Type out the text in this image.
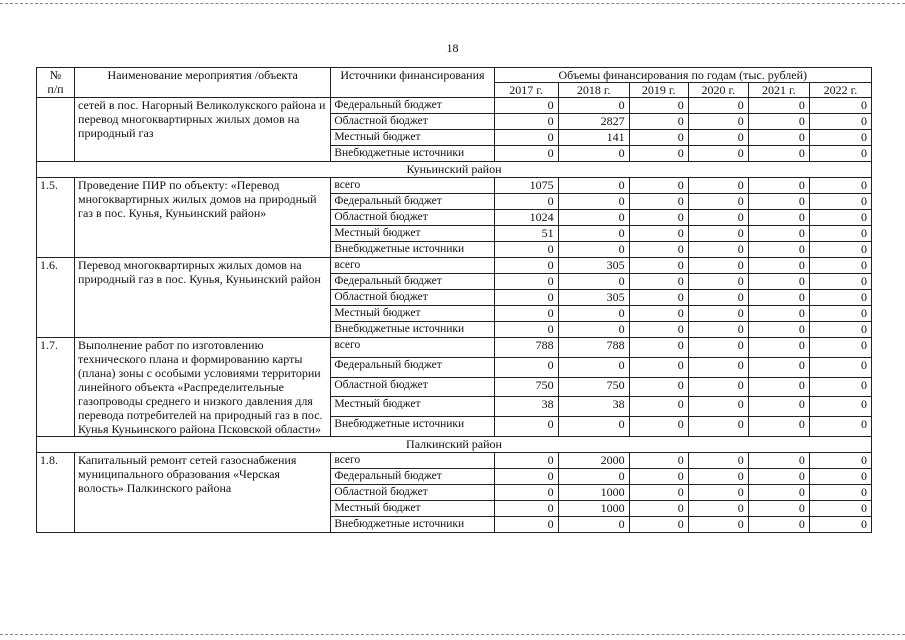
18
№
п/п	Наименование мероприятия /объекта	Источники финансирования	Объемы финансирования по годам (тыс. рублей)					
			2017 г.	2018 г.	2019 г.	2020 г.	2021 г.	2022 г.
	сетей в пос. Нагорный Великолукского района и перевод многоквартирных жилых домов на природный газ	Федеральный бюджет	0	0	0	0	0	0
		Областной бюджет	0	2827	0	0	0	0
		Местный бюджет	0	141	0	0	0	0
		Внебюджетные источники	0	0	0	0	0	0
Куньинский район								
1.5.	Проведение ПИР по объекту: «Перевод многоквартирных жилых домов на природный газ в пос. Кунья, Куньинский район»	всего	1075	0	0	0	0	0
		Федеральный бюджет	0	0	0	0	0	0
		Областной бюджет	1024	0	0	0	0	0
		Местный бюджет	51	0	0	0	0	0
		Внебюджетные источники	0	0	0	0	0	0
1.6.	Перевод многоквартирных жилых домов на природный газ в пос. Кунья, Куньинский район	всего	0	305	0	0	0	0
		Федеральный бюджет	0	0	0	0	0	0
		Областной бюджет	0	305	0	0	0	0
		Местный бюджет	0	0	0	0	0	0
		Внебюджетные источники	0	0	0	0	0	0
1.7.	Выполнение работ по изготовлению технического плана и формированию карты (плана) зоны с особыми условиями территории линейного объекта «Распределительные газопроводы среднего и низкого давления для перевода потребителей на природный газ в пос. Кунья Куньинского района Псковской области»	всего	788	788	0	0	0	0
		Федеральный бюджет	0	0	0	0	0	0
		Областной бюджет	750	750	0	0	0	0
		Местный бюджет	38	38	0	0	0	0
		Внебюджетные источники	0	0	0	0	0	0
Палкинский район								
1.8.	Капитальный ремонт сетей газоснабжения муниципального образования «Черская волость» Палкинского района	всего	0	2000	0	0	0	0
		Федеральный бюджет	0	0	0	0	0	0
		Областной бюджет	0	1000	0	0	0	0
		Местный бюджет	0	1000	0	0	0	0
		Внебюджетные источники	0	0	0	0	0	0
